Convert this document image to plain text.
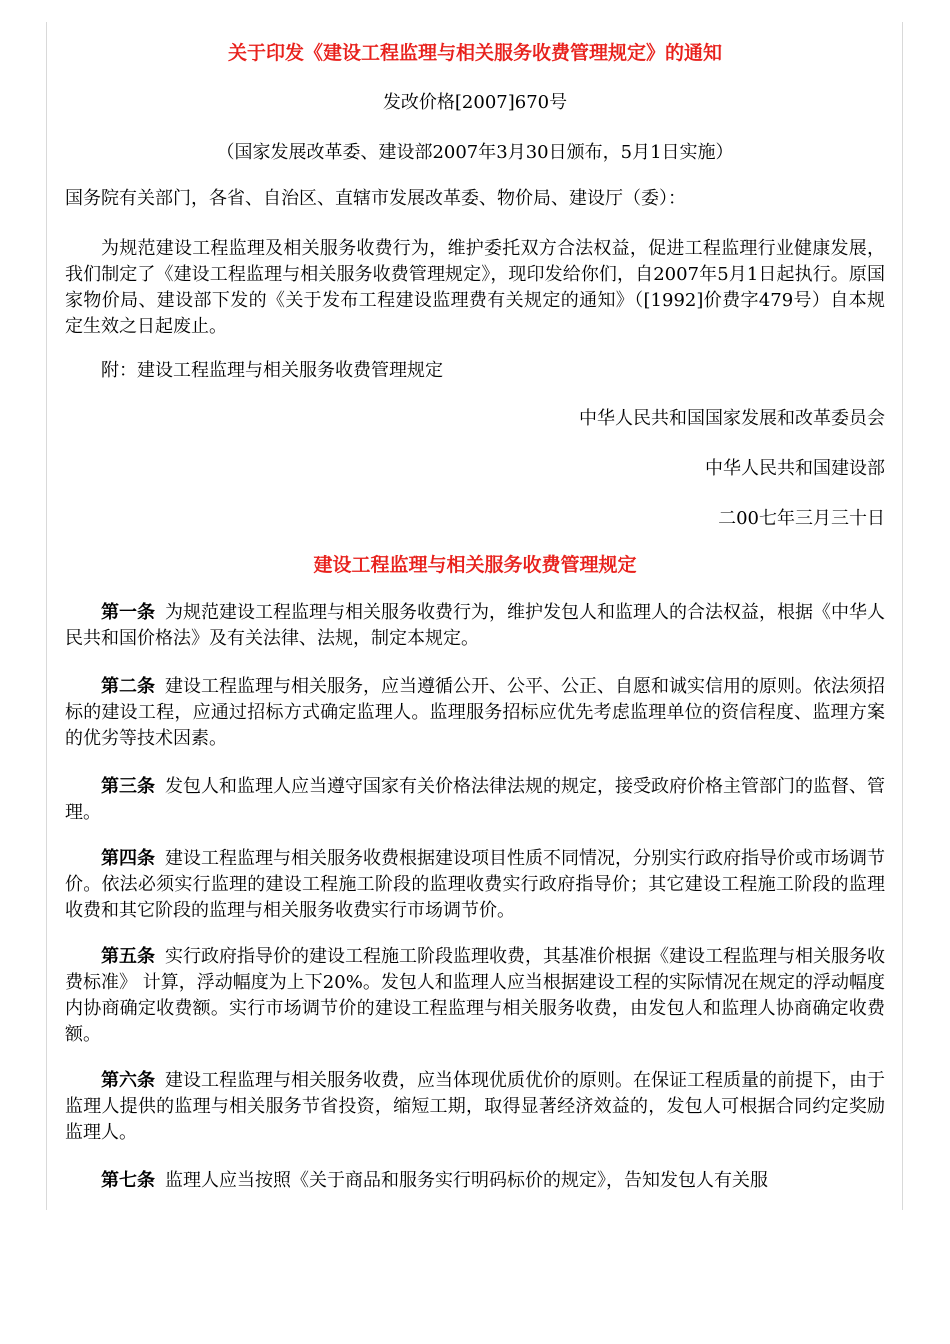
关于印发《建设工程监理与相关服务收费管理规定》的通知
发改价格[2007]670号
（国家发展改革委、建设部2007年3月30日颁布，5月1日实施）
国务院有关部门，各省、自治区、直辖市发展改革委、物价局、建设厅（委）：
为规范建设工程监理及相关服务收费行为，维护委托双方合法权益，促进工程监理行业健康发展，我们制定了《建设工程监理与相关服务收费管理规定》，现印发给你们，自2007年5月1日起执行。原国家物价局、建设部下发的《关于发布工程建设监理费有关规定的通知》（[1992]价费字479号）自本规定生效之日起废止。
附：建设工程监理与相关服务收费管理规定
中华人民共和国国家发展和改革委员会
中华人民共和国建设部
二00七年三月三十日
建设工程监理与相关服务收费管理规定
第一条 为规范建设工程监理与相关服务收费行为，维护发包人和监理人的合法权益，根据《中华人民共和国价格法》及有关法律、法规，制定本规定。
第二条 建设工程监理与相关服务，应当遵循公开、公平、公正、自愿和诚实信用的原则。依法须招标的建设工程，应通过招标方式确定监理人。监理服务招标应优先考虑监理单位的资信程度、监理方案的优劣等技术因素。
第三条 发包人和监理人应当遵守国家有关价格法律法规的规定，接受政府价格主管部门的监督、管理。
第四条 建设工程监理与相关服务收费根据建设项目性质不同情况，分别实行政府指导价或市场调节价。依法必须实行监理的建设工程施工阶段的监理收费实行政府指导价；其它建设工程施工阶段的监理收费和其它阶段的监理与相关服务收费实行市场调节价。
第五条 实行政府指导价的建设工程施工阶段监理收费，其基准价根据《建设工程监理与相关服务收费标准》 计算，浮动幅度为上下20%。发包人和监理人应当根据建设工程的实际情况在规定的浮动幅度内协商确定收费额。实行市场调节价的建设工程监理与相关服务收费，由发包人和监理人协商确定收费额。
第六条 建设工程监理与相关服务收费，应当体现优质优价的原则。在保证工程质量的前提下，由于监理人提供的监理与相关服务节省投资，缩短工期，取得显著经济效益的，发包人可根据合同约定奖励监理人。
第七条 监理人应当按照《关于商品和服务实行明码标价的规定》，告知发包人有关服
